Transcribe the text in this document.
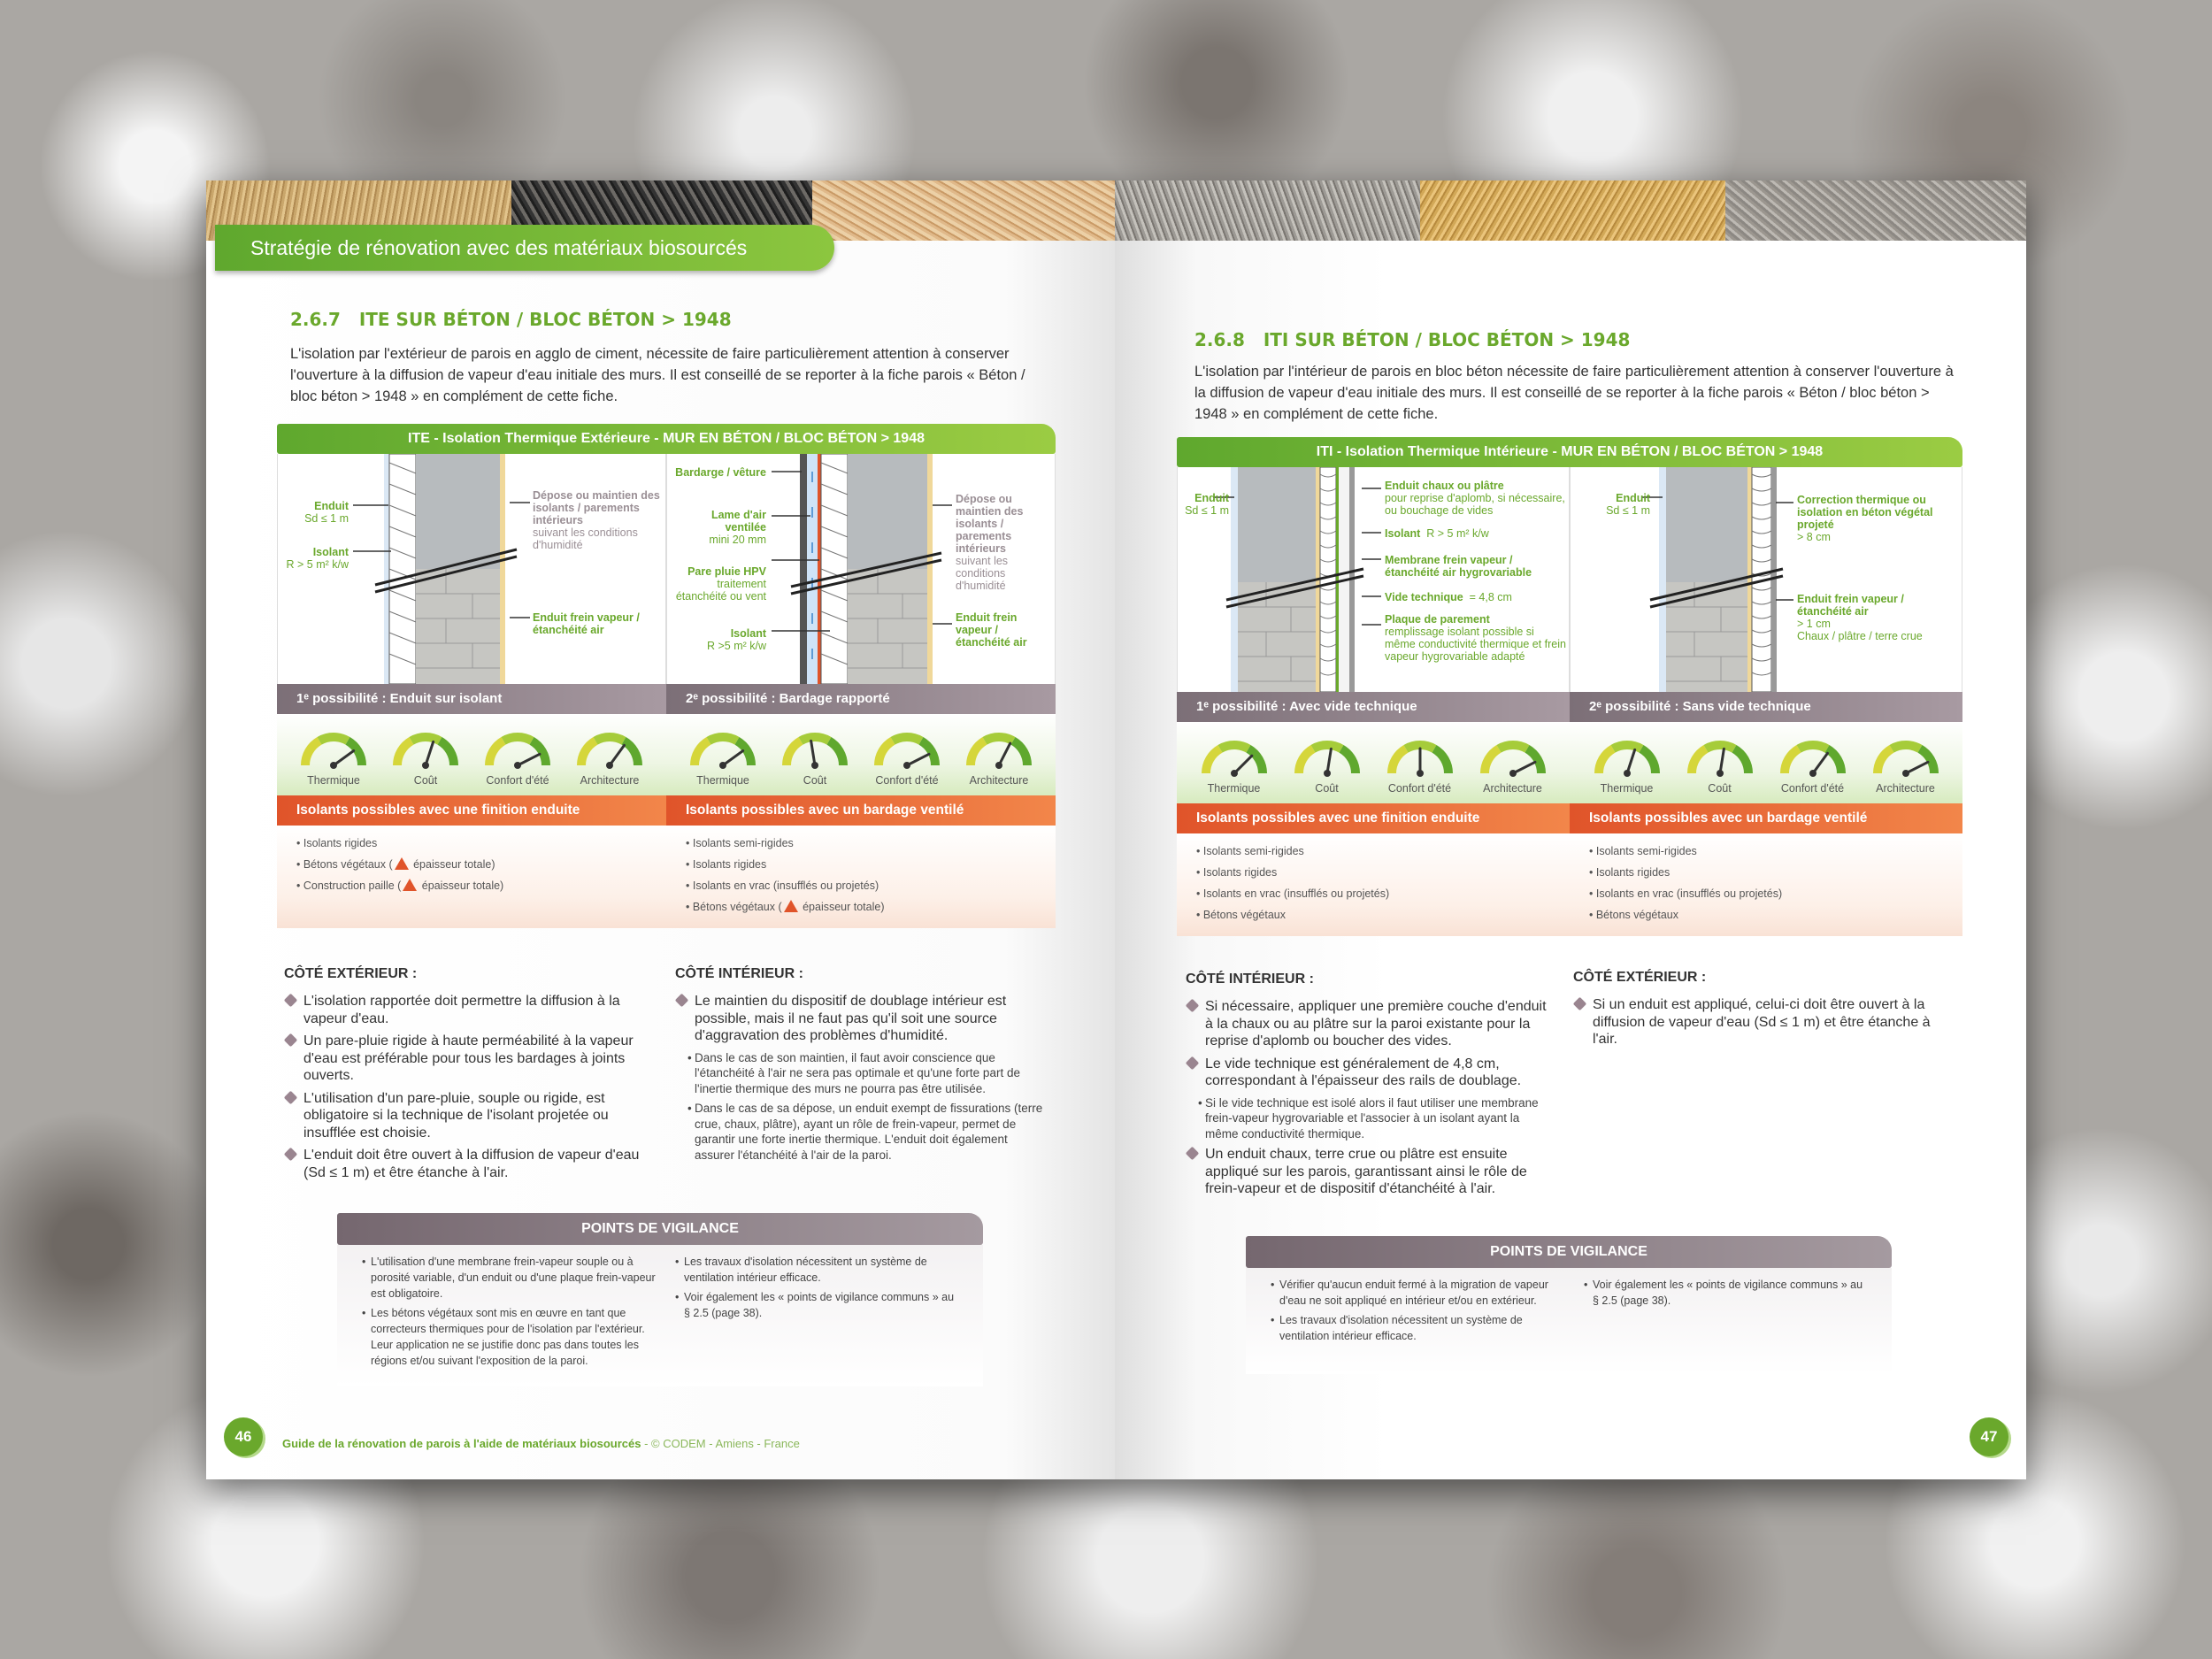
Stratégie de rénovation avec des matériaux biosourcés
2.6.7 ITE SUR BÉTON / BLOC BÉTON > 1948
L'isolation par l'extérieur de parois en agglo de ciment, nécessite de faire particulièrement attention à conserver l'ouverture à la diffusion de vapeur d'eau initiale des murs. Il est conseillé de se reporter à la fiche parois « Béton / bloc béton > 1948 » en complément de cette fiche.
ITE - Isolation Thermique Extérieure - MUR EN BÉTON / BLOC BÉTON > 1948
Enduit
Sd ≤ 1 m
Isolant
R > 5 m² k/w
Dépose ou maintien des isolants / parements intérieurs
suivant les conditions d'humidité
Enduit frein vapeur / étanchéité air
Bardarge / vêture
Lame d'air ventilée
mini 20 mm
Pare pluie HPV
traitement étanchéité ou vent
Isolant
R >5 m² k/w
Dépose ou maintien des isolants / parements intérieurs
suivant les conditions d'humidité
Enduit frein vapeur / étanchéité air
1ᵉ possibilité : Enduit sur isolant	2ᵉ possibilité : Bardage rapporté
Thermique	Coût	Confort d'été	Architecture	Thermique	Coût	Confort d'été	Architecture
Isolants possibles avec une finition enduite	Isolants possibles avec un bardage ventilé
• Isolants rigides
• Bétons végétaux ( épaisseur totale)
• Construction paille ( épaisseur totale)
• Isolants semi-rigides
• Isolants rigides
• Isolants en vrac (insufflés ou projetés)
• Bétons végétaux ( épaisseur totale)
CÔTÉ EXTÉRIEUR :
L'isolation rapportée doit permettre la diffusion à la vapeur d'eau.
Un pare-pluie rigide à haute perméabilité à la vapeur d'eau est préférable pour tous les bardages à joints ouverts.
L'utilisation d'un pare-pluie, souple ou rigide, est obligatoire si la technique de l'isolant projetée ou insufflée est choisie.
L'enduit doit être ouvert à la diffusion de vapeur d'eau (Sd ≤ 1 m) et être étanche à l'air.
CÔTÉ INTÉRIEUR :
Le maintien du dispositif de doublage intérieur est possible, mais il ne faut pas qu'il soit une source d'aggravation des problèmes d'humidité.
• Dans le cas de son maintien, il faut avoir conscience que l'étanchéité à l'air ne sera pas optimale et qu'une forte part de l'inertie thermique des murs ne pourra pas être utilisée.
• Dans le cas de sa dépose, un enduit exempt de fissurations (terre crue, chaux, plâtre), ayant un rôle de frein-vapeur, permet de garantir une forte inertie thermique. L'enduit doit également assurer l'étanchéité à l'air de la paroi.
POINTS DE VIGILANCE
• L'utilisation d'une membrane frein-vapeur souple ou à porosité variable, d'un enduit ou d'une plaque frein-vapeur est obligatoire.
• Les bétons végétaux sont mis en œuvre en tant que correcteurs thermiques pour de l'isolation par l'extérieur. Leur application ne se justifie donc pas dans toutes les régions et/ou suivant l'exposition de la paroi.
• Les travaux d'isolation nécessitent un système de ventilation intérieur efficace.
• Voir également les « points de vigilance communs » au § 2.5 (page 38).
46	Guide de la rénovation de parois à l'aide de matériaux biosourcés - © CODEM - Amiens - France
2.6.8 ITI SUR BÉTON / BLOC BÉTON > 1948
L'isolation par l'intérieur de parois en bloc béton nécessite de faire particulièrement attention à conserver l'ouverture à la diffusion de vapeur d'eau initiale des murs. Il est conseillé de se reporter à la fiche parois « Béton / bloc béton > 1948 » en complément de cette fiche.
ITI - Isolation Thermique Intérieure - MUR EN BÉTON / BLOC BÉTON > 1948
Enduit
Sd ≤ 1 m
Enduit chaux ou plâtre
pour reprise d'aplomb, si nécessaire, ou bouchage de vides
Isolant R > 5 m² k/w
Membrane frein vapeur / étanchéité air hygrovariable
Vide technique = 4,8 cm
Plaque de parement
remplissage isolant possible si même conductivité thermique et frein vapeur hygrovariable adapté
Enduit
Sd ≤ 1 m
Correction thermique ou isolation en béton végétal projeté
> 8 cm
Enduit frein vapeur / étanchéité air
> 1 cm
Chaux / plâtre / terre crue
1ᵉ possibilité : Avec vide technique	2ᵉ possibilité : Sans vide technique
Thermique	Coût	Confort d'été	Architecture	Thermique	Coût	Confort d'été	Architecture
Isolants possibles avec une finition enduite	Isolants possibles avec un bardage ventilé
• Isolants semi-rigides
• Isolants rigides
• Isolants en vrac (insufflés ou projetés)
• Bétons végétaux
• Isolants semi-rigides
• Isolants rigides
• Isolants en vrac (insufflés ou projetés)
• Bétons végétaux
CÔTÉ INTÉRIEUR :
Si nécessaire, appliquer une première couche d'enduit à la chaux ou au plâtre sur la paroi existante pour la reprise d'aplomb ou boucher des vides.
Le vide technique est généralement de 4,8 cm, correspondant à l'épaisseur des rails de doublage.
• Si le vide technique est isolé alors il faut utiliser une membrane frein-vapeur hygrovariable et l'associer à un isolant ayant la même conductivité thermique.
Un enduit chaux, terre crue ou plâtre est ensuite appliqué sur les parois, garantissant ainsi le rôle de frein-vapeur et de dispositif d'étanchéité à l'air.
CÔTÉ EXTÉRIEUR :
Si un enduit est appliqué, celui-ci doit être ouvert à la diffusion de vapeur d'eau (Sd ≤ 1 m) et être étanche à l'air.
POINTS DE VIGILANCE
• Vérifier qu'aucun enduit fermé à la migration de vapeur d'eau ne soit appliqué en intérieur et/ou en extérieur.
• Les travaux d'isolation nécessitent un système de ventilation intérieur efficace.
• Voir également les « points de vigilance communs » au § 2.5 (page 38).
47
